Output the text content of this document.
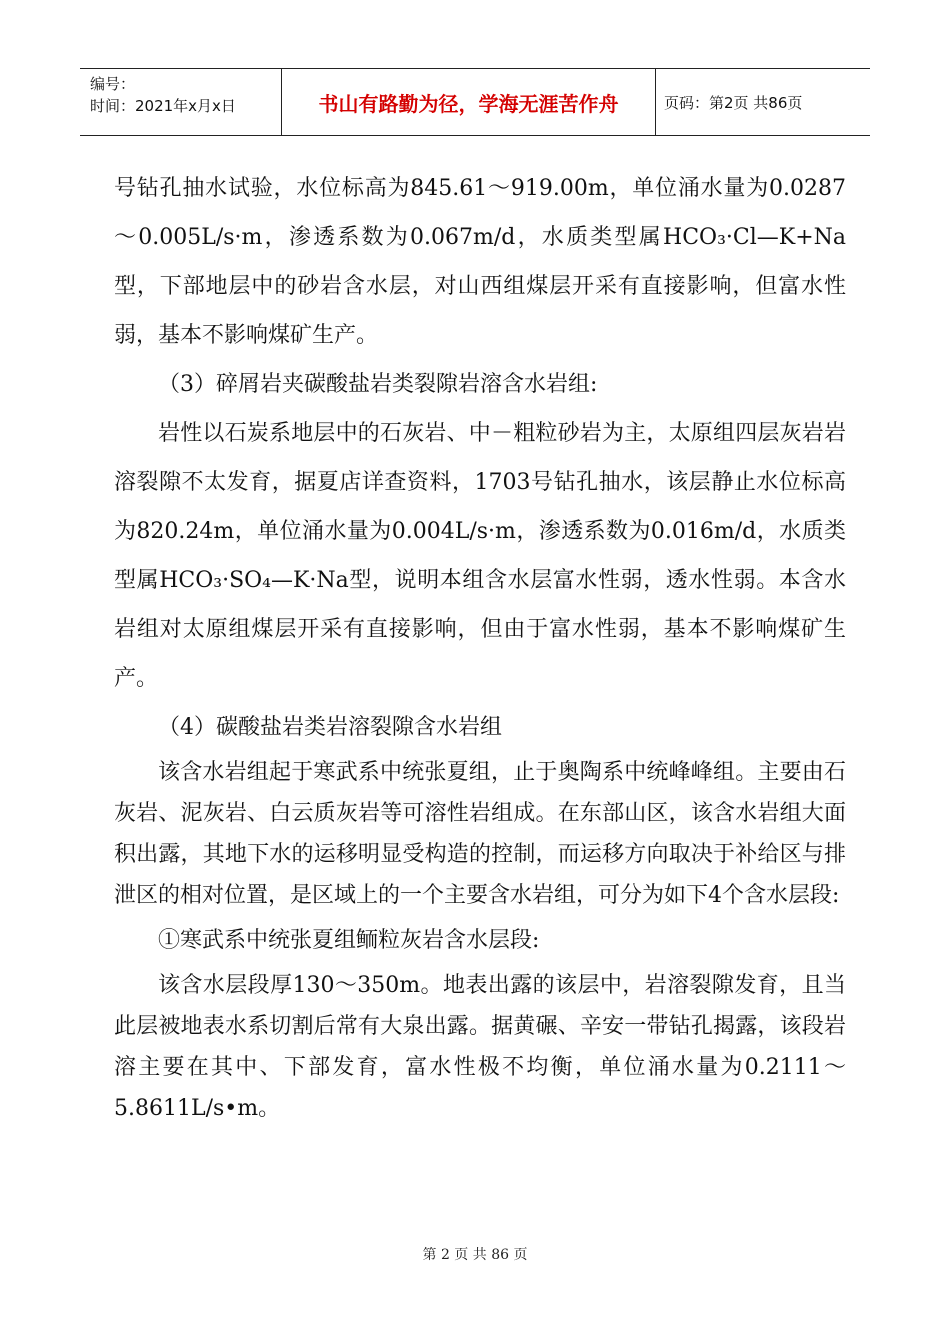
编号：
时间：2021年x月x日	书山有路勤为径，学海无涯苦作舟	页码：第2页 共86页

号钻孔抽水试验，水位标高为845.61～919.00m，单位涌水量为0.0287～0.005L/s·m，渗透系数为0.067m/d，水质类型属HCO₃·Cl—K+Na型，下部地层中的砂岩含水层，对山西组煤层开采有直接影响，但富水性弱，基本不影响煤矿生产。

（3）碎屑岩夹碳酸盐岩类裂隙岩溶含水岩组:

岩性以石炭系地层中的石灰岩、中－粗粒砂岩为主，太原组四层灰岩岩溶裂隙不太发育，据夏店详查资料，1703号钻孔抽水，该层静止水位标高为820.24m，单位涌水量为0.004L/s·m，渗透系数为0.016m/d，水质类型属HCO₃·SO₄—K·Na型，说明本组含水层富水性弱，透水性弱。本含水岩组对太原组煤层开采有直接影响，但由于富水性弱，基本不影响煤矿生产。

（4）碳酸盐岩类岩溶裂隙含水岩组

该含水岩组起于寒武系中统张夏组，止于奥陶系中统峰峰组。主要由石灰岩、泥灰岩、白云质灰岩等可溶性岩组成。在东部山区，该含水岩组大面积出露，其地下水的运移明显受构造的控制，而运移方向取决于补给区与排泄区的相对位置，是区域上的一个主要含水岩组，可分为如下4个含水层段:

①寒武系中统张夏组鲕粒灰岩含水层段:

该含水层段厚130～350m。地表出露的该层中，岩溶裂隙发育，且当此层被地表水系切割后常有大泉出露。据黄碾、辛安一带钻孔揭露，该段岩溶主要在其中、下部发育，富水性极不均衡，单位涌水量为0.2111～5.8611L/s•m。

第 2 页 共 86 页
